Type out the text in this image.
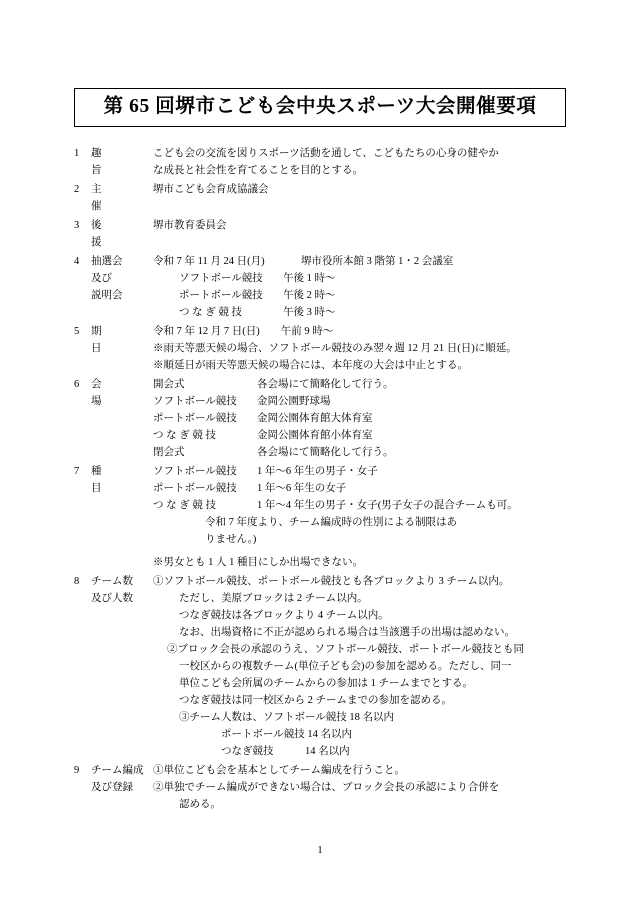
第 65 回堺市こども会中央スポーツ大会開催要項
1	趣　　旨
こども会の交流を図りスポーツ活動を通して、こどもたちの心身の健やか
な成長と社会性を育てることを目的とする。
2	主　　催
堺市こども会育成協議会
3	後　　援
堺市教育委員会
4	抽選会
及び
説明会
令和 7 年 11 月 24 日(月)	堺市役所本館 3 階第 1・2 会議室
ソフトボール競技	午後 1 時～
ポートボール競技	午後 2 時～
つ な ぎ 競 技	午後 3 時～
5	期　　日
令和 7 年 12 月 7 日(日)　　午前 9 時～
※雨天等悪天候の場合、ソフトボール競技のみ翌々週 12 月 21 日(日)に順延。
※順延日が雨天等悪天候の場合には、本年度の大会は中止とする。
6	会　　場
開会式	各会場にて簡略化して行う。
ソフトボール競技	金岡公園野球場
ポートボール競技	金岡公園体育館大体育室
つ な ぎ 競 技	金岡公園体育館小体育室
閉会式	各会場にて簡略化して行う。
7	種　　目
ソフトボール競技	1 年～6 年生の男子・女子
ポートボール競技	1 年～6 年生の女子
つ な ぎ 競 技	1 年～4 年生の男子・女子(男子女子の混合チームも可。
令和 7 年度より、チーム編成時の性別による制限はあ
りません。)
※男女とも 1 人 1 種目にしか出場できない。
8	チーム数
及び人数
①ソフトボール競技、ポートボール競技とも各ブロックより 3 チーム以内。
ただし、美原ブロックは 2 チーム以内。
つなぎ競技は各ブロックより 4 チーム以内。
なお、出場資格に不正が認められる場合は当該選手の出場は認めない。
②ブロック会長の承認のうえ、ソフトボール競技、ポートボール競技とも同
一校区からの複数チーム(単位子ども会)の参加を認める。ただし、同一
単位こども会所属のチームからの参加は 1 チームまでとする。
つなぎ競技は同一校区から 2 チームまでの参加を認める。
③チーム人数は、ソフトボール競技 18 名以内
ポートボール競技 14 名以内
つなぎ競技　　　14 名以内
9	チーム編成
及び登録
①単位こども会を基本としてチーム編成を行うこと。
②単独でチーム編成ができない場合は、ブロック会長の承認により合併を
認める。
1
